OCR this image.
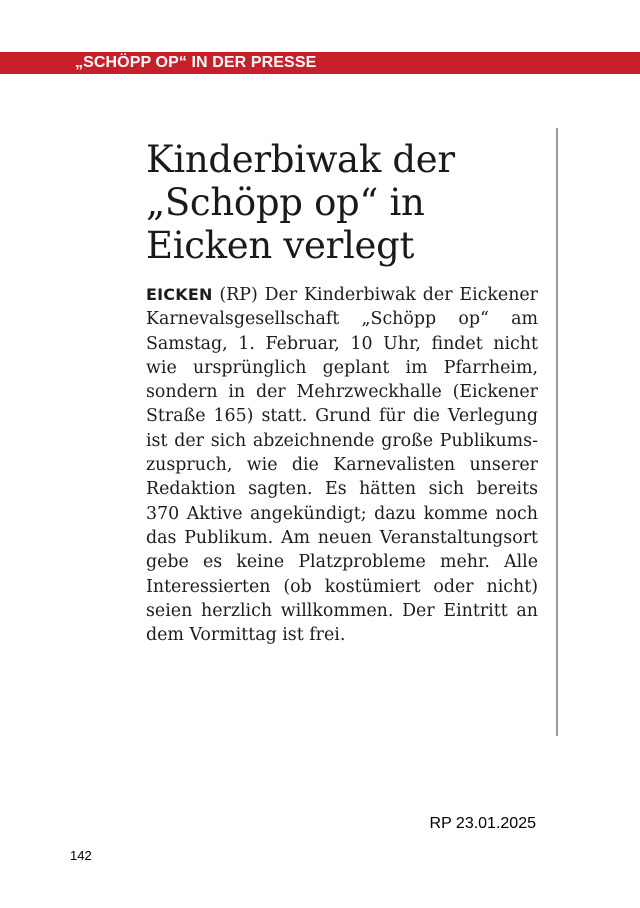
„SCHÖPP OP“ IN DER PRESSE
Kinderbiwak der „Schöpp op“ in Eicken verlegt

EICKEN (RP) Der Kinderbiwak der Eickener Karnevalsgesellschaft „Schöpp op“ am Samstag, 1. Februar, 10 Uhr, findet nicht wie ursprünglich geplant im Pfarrheim, sondern in der Mehrzweckhalle (Eickener Straße 165) statt. Grund für die Verlegung ist der sich abzeichnende große Publikumszuspruch, wie die Karnevalisten unserer Redaktion sagten. Es hätten sich bereits 370 Aktive angekündigt; dazu komme noch das Publikum. Am neuen Veranstaltungsort gebe es keine Platzprobleme mehr. Alle Interessierten (ob kostümiert oder nicht) seien herzlich willkommen. Der Eintritt an dem Vormittag ist frei.

RP 23.01.2025
142
